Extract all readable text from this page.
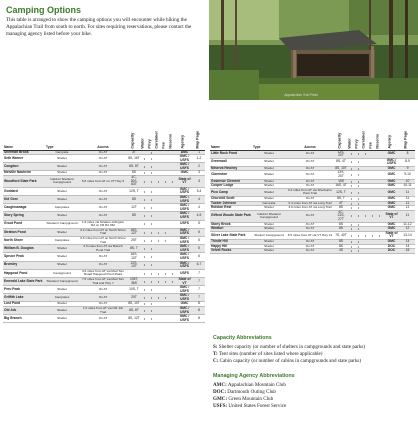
Camping Options

This table is arranged to show the camping options you will encounter while hiking the Appalachian Trail from south to north. For sites requiring reservations, please contact the managing agency listed before your hike.

Appalachian Trail Photo
Name	Type	Access	Capacity	Water	Privy	Caretaker	Fee	Reserve	Agency	Map Page

Sherman Brook	Campsite	On AT	3T		•				AMC	1
Seth Warner	Shelter	On AT	8S, 16T	•	•				GMC / USFS	1-2
Congdon	Shelter	On AT	8S, 8T	•	•				GMC / USFS	2
Melville Nauheim	Shelter	On AT	8S	•	•				GMC	3
Woodford State Park	Cabins/ Shelters/ Campground	5.8 miles from AT on VT Hwy 9	4C, 20S, 83T	•	•	•	•	•	State of VT	3
Goddard	Shelter	On AT	12S, T	•	•				GMC / USFS	3-4
Kid Gore	Shelter	On AT	8S	•	•				GMC / USFS	4
Caughnawaga	Campsites	On AT	12T	•	•				GMC / USFS	4
Story Spring	Shelter	On AT	8S	•	•				GMC / USFS	4-5
Grout Pond	Shelters/ Campground	1.8 miles via Stratton-Arlington Rd on FR Rd 362		•	•				USFS	5
Stratton Pond	Shelter	0.2 miles from AT on North Shore Trail	16S, 12T	•	•	•	•		GMC / USFS	5
North Shore	Campsites	0.5 miles from AT on North Shore Trail	25T	•	•	•	•		GMC / USFS	5
William B. Douglas	Shelter	0.5 miles from AT via Branch Pond Trail	8S, T	•	•				GMC / USFS	5
Spruce Peak	Shelter	On AT	16S, 10T	•	•				GMC / USFS	6
Bromley	Shelter	On AT	12S, 10T	•	•				GMC / USFS	6-7
Hapgood Pond	Campground	3.6 miles from AT via Mad Tom Road/ Hapgood Pond Road		•	•	•	•	•	USFS	7
Emerald Lake State Park	Shelters/ Campground	7.5 miles from AT via Mad Tom Trail and Hwy 7	105T, 36S	•	•	•	•	•	State of VT	7
Peru Peak	Shelter	On AT	10S, T	•	•				GMC / USFS	7
Griffith Lake	Campsites	On AT	20T	•	•	•	•		GMC / USFS	7
Lost Pond	Shelter	On AT	8S, 10T	•	•				GMC	8
Old Job	Shelter	1.0 miles from AT via Old Job Trail	8S, 6T	•	•				GMC / USFS	8
Big Branch	Shelter	On AT	8S, 12T	•	•				GMC / USFS	8
Name	Type	Access	Capacity	Water	Privy	Caretaker	Fee	Reserve	Agency	Map Page

Little Rock Pond	Shelter	On AT	12S, 20T	•	•	•			GMC	8
Greenwall	Shelter	On AT	8S, 4T	•	•				GMC / USFS	8-9
Minerva Hinchey	Shelter	On AT	8S, 10T	•	•				GMC	9
Clarendon	Shelter	On AT	12S, 20T	•	•				GMC	9-10
Governor Clement	Shelter	On AT	10S	•	•				GMC	10
Cooper Lodge	Shelter	On AT	16S, 4T	•	•				GMC	10-11
Pico Camp	Shelter	0.4 miles from AT via Sherburne Pass Trail	12S, T	•	•				GMC	11
Churchill Scott	Shelter	On AT	8S, T	•	•				GMC	11
Tucker Johnson	Campsite	0.4 miles from AT via Long Trail	4T	•	•				GMC	11
Rolston Rest	Shelter	3.9 miles from AT via Long Trail	8S	•	•				GMC	11
Gifford Woods State Park	Cabins/ Shelters/ Campground	On AT	4C, 21S, 27T	•	•	•	•	•	State of VT	11
Stony Brook	Shelter	On AT	8S	•	•				GMC	11-12
Wintturi	Shelter	On AT	8S	•	•				GMC	12
Silver Lake State Park	Shelter/ Campground	6.5 miles from AT via VT Hwy 12	7S, 40T	•	•	•	•	•	State of VT	13-14
Thistle Hill	Shelter	On AT	8S	•	•				GMC	14
Happy Hill	Shelter	On AT	8S	•	•				DOC	14
Velvet Rocks	Shelter	On AT	4S	•	•				DOC	15
Capacity Abbreviations
S: Shelter capacity (or number of shelters in campgrounds and state parks)
T: Tent sites (number of sites listed where applicable)
C: Cabin capacity (or number of cabins in campgrounds and state parks)
Managing Agency Abbreviations
AMC: Appalachian Mountain Club
DOC: Dartmouth Outing Club
GMC: Green Mountain Club
USFS: United States Forest Service
